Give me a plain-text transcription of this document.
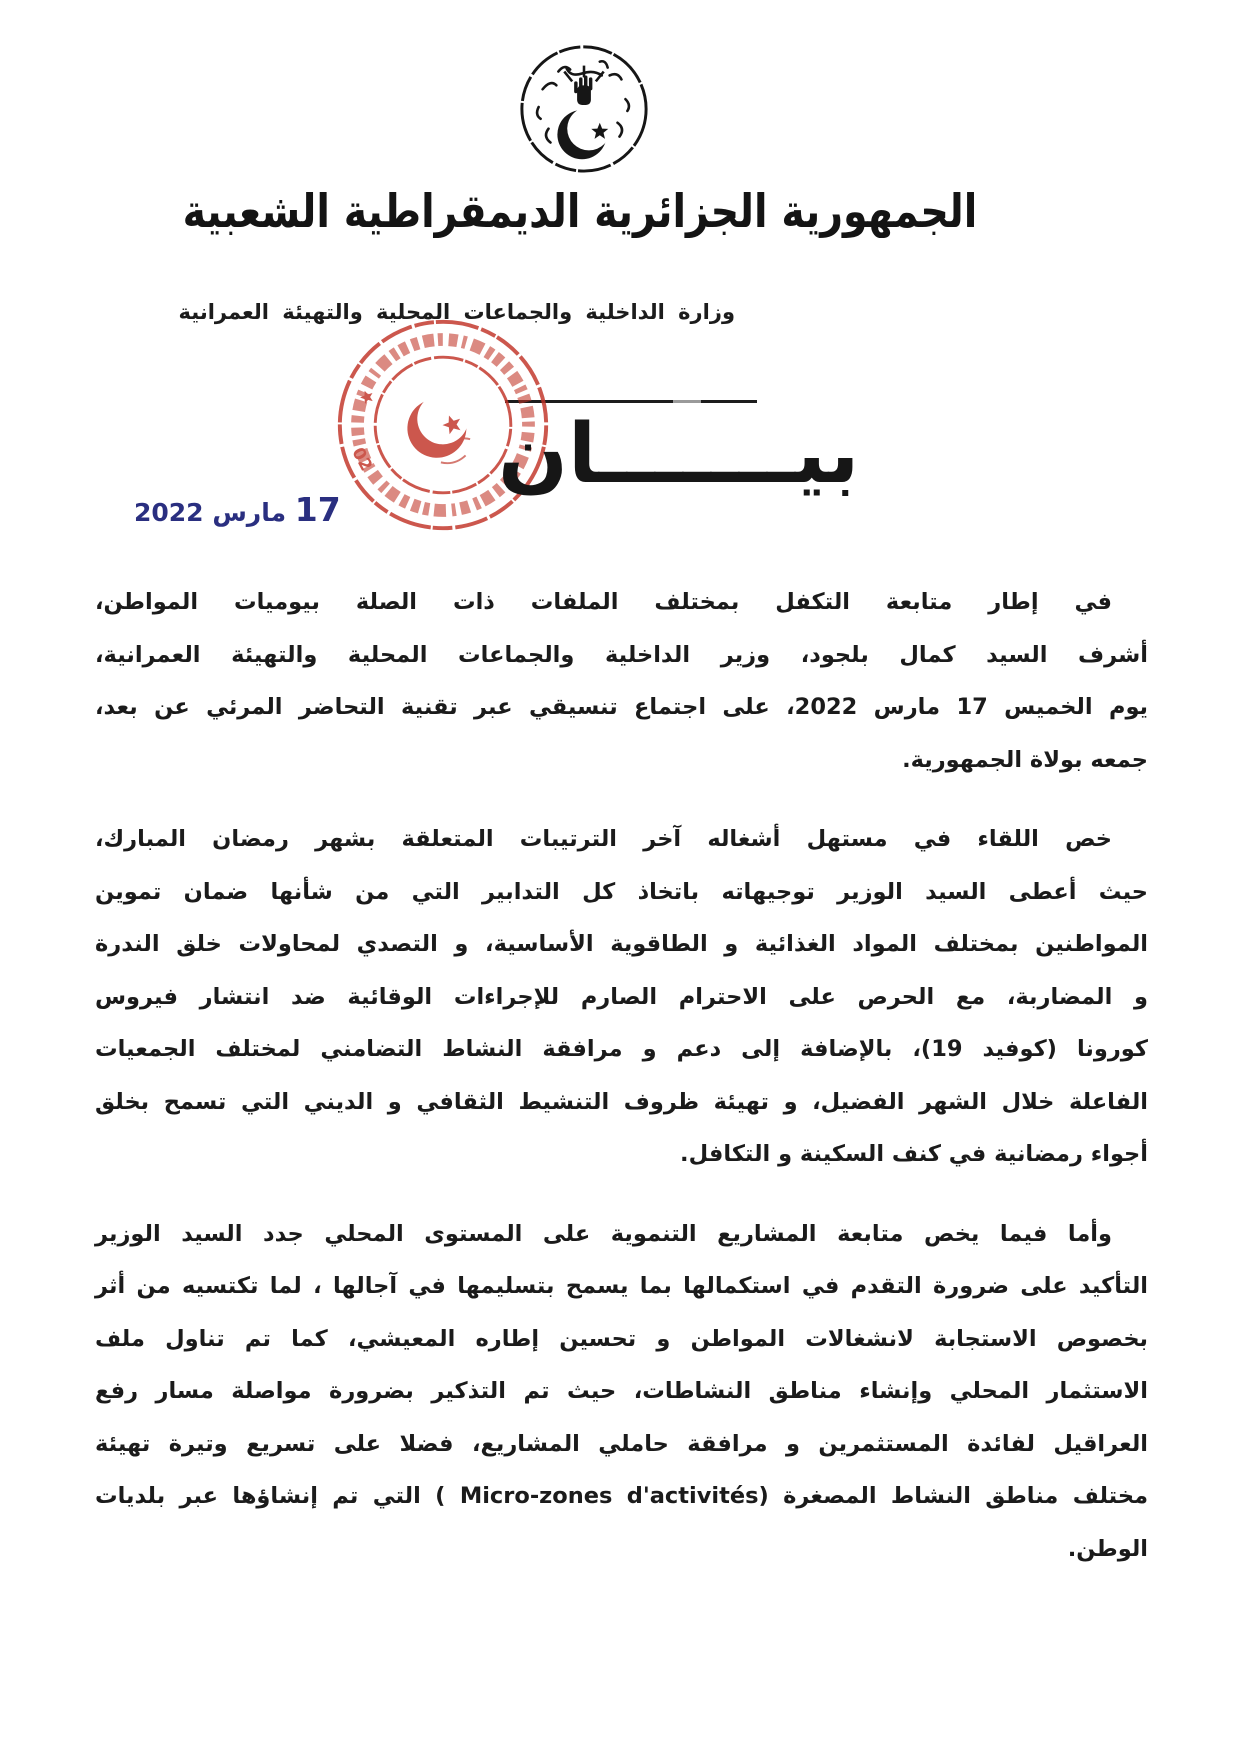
الجمهورية الجزائرية الديمقراطية الشعبية
وزارة الداخلية والجماعات المحلية والتهيئة العمرانية
02
17 مارس 2022
بيـــــــان
في إطار متابعة التكفل بمختلف الملفات ذات الصلة بيوميات المواطن،
أشرف السيد كمال بلجود، وزير الداخلية والجماعات المحلية والتهيئة العمرانية،
يوم الخميس 17 مارس 2022، على اجتماع تنسيقي عبر تقنية التحاضر المرئي عن بعد،
جمعه بولاة الجمهورية.
خص اللقاء في مستهل أشغاله آخر الترتيبات المتعلقة بشهر رمضان المبارك،
حيث أعطى السيد الوزير توجيهاته باتخاذ كل التدابير التي من شأنها ضمان تموين
المواطنين بمختلف المواد الغذائية و الطاقوية الأساسية، و التصدي لمحاولات خلق الندرة
و المضاربة، مع الحرص على الاحترام الصارم للإجراءات الوقائية ضد انتشار فيروس
كورونا (كوفيد 19)، بالإضافة إلى دعم و مرافقة النشاط التضامني لمختلف الجمعيات
الفاعلة خلال الشهر الفضيل، و تهيئة ظروف التنشيط الثقافي و الديني التي تسمح بخلق
أجواء رمضانية في كنف السكينة و التكافل.
وأما فيما يخص متابعة المشاريع التنموية على المستوى المحلي جدد السيد الوزير
التأكيد على ضرورة التقدم في استكمالها بما يسمح بتسليمها في آجالها ، لما تكتسيه من أثر
بخصوص الاستجابة لانشغالات المواطن و تحسين إطاره المعيشي، كما تم تناول ملف
الاستثمار المحلي وإنشاء مناطق النشاطات، حيث تم التذكير بضرورة مواصلة مسار رفع
العراقيل لفائدة المستثمرين و مرافقة حاملي المشاريع، فضلا على تسريع وتيرة تهيئة
مختلف مناطق النشاط المصغرة (Micro-zones d'activités ) التي تم إنشاؤها عبر بلديات الوطن.
